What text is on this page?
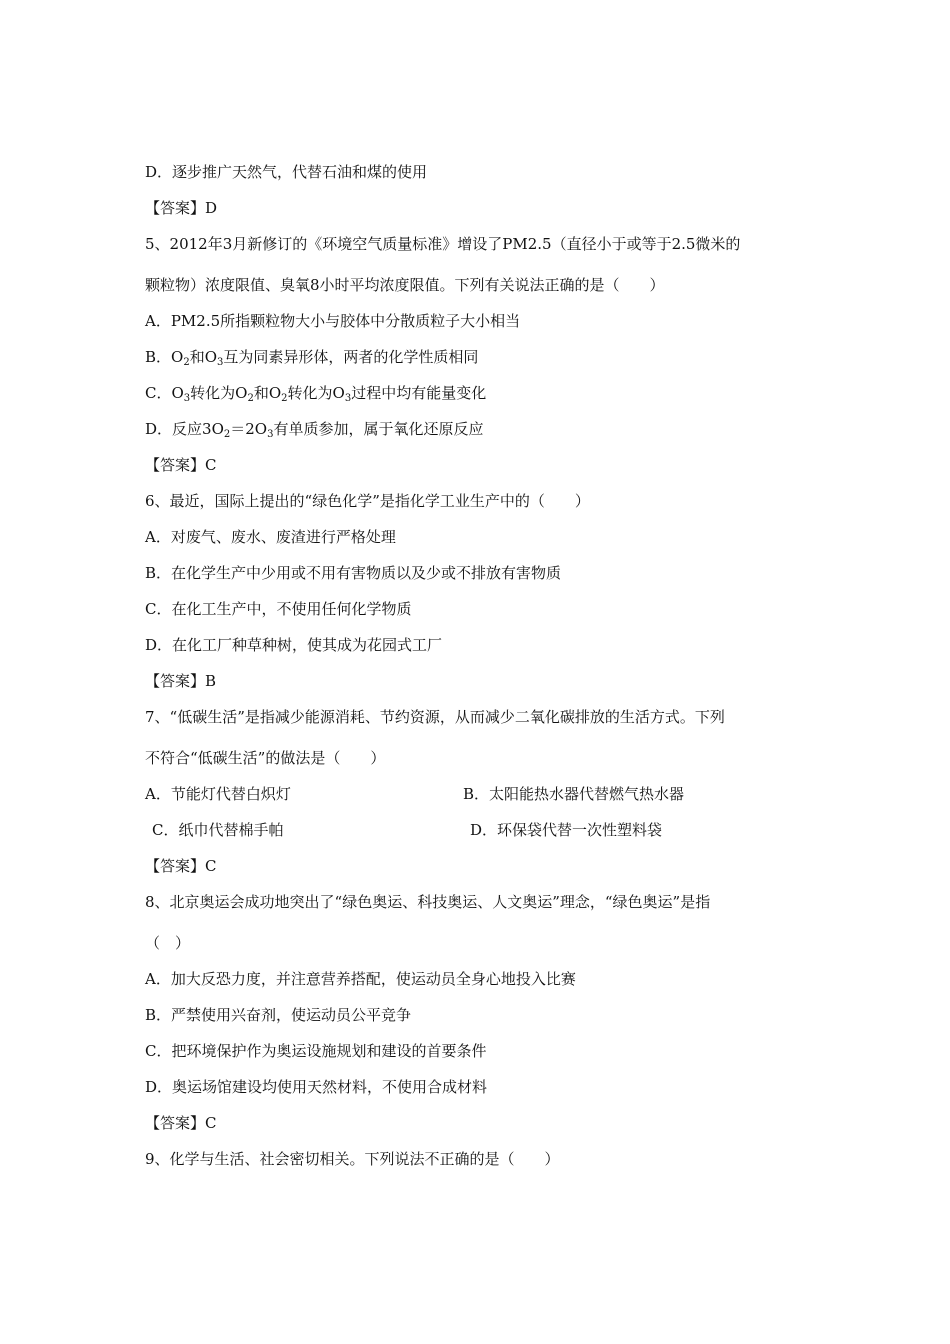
D．逐步推广天然气，代替石油和煤的使用
【答案】D
5、2012年3月新修订的《环境空气质量标准》增设了PM2.5（直径小于或等于2.5微米的
颗粒物）浓度限值、臭氧8小时平均浓度限值。下列有关说法正确的是（　　）
A．PM2.5所指颗粒物大小与胶体中分散质粒子大小相当
B．$O_2$和$O_3$互为同素异形体，两者的化学性质相同
C．$O_3$转化为$O_2$和$O_2$转化为$O_3$过程中均有能量变化
D．反应$3O_2=2O_3$有单质参加，属于氧化还原反应
【答案】C
6、最近，国际上提出的“绿色化学”是指化学工业生产中的（　　）
A．对废气、废水、废渣进行严格处理
B．在化学生产中少用或不用有害物质以及少或不排放有害物质
C．在化工生产中，不使用任何化学物质
D．在化工厂种草种树，使其成为花园式工厂
【答案】B
7、“低碳生活”是指减少能源消耗、节约资源，从而减少二氧化碳排放的生活方式。下列
不符合“低碳生活”的做法是（　　）
A．节能灯代替白炽灯	B．太阳能热水器代替燃气热水器
C．纸巾代替棉手帕	D．环保袋代替一次性塑料袋
【答案】C
8、北京奥运会成功地突出了“绿色奥运、科技奥运、人文奥运”理念，“绿色奥运”是指
（　）
A．加大反恐力度，并注意营养搭配，使运动员全身心地投入比赛
B．严禁使用兴奋剂，使运动员公平竞争
C．把环境保护作为奥运设施规划和建设的首要条件
D．奥运场馆建设均使用天然材料，不使用合成材料
【答案】C
9、化学与生活、社会密切相关。下列说法不正确的是（　　）
